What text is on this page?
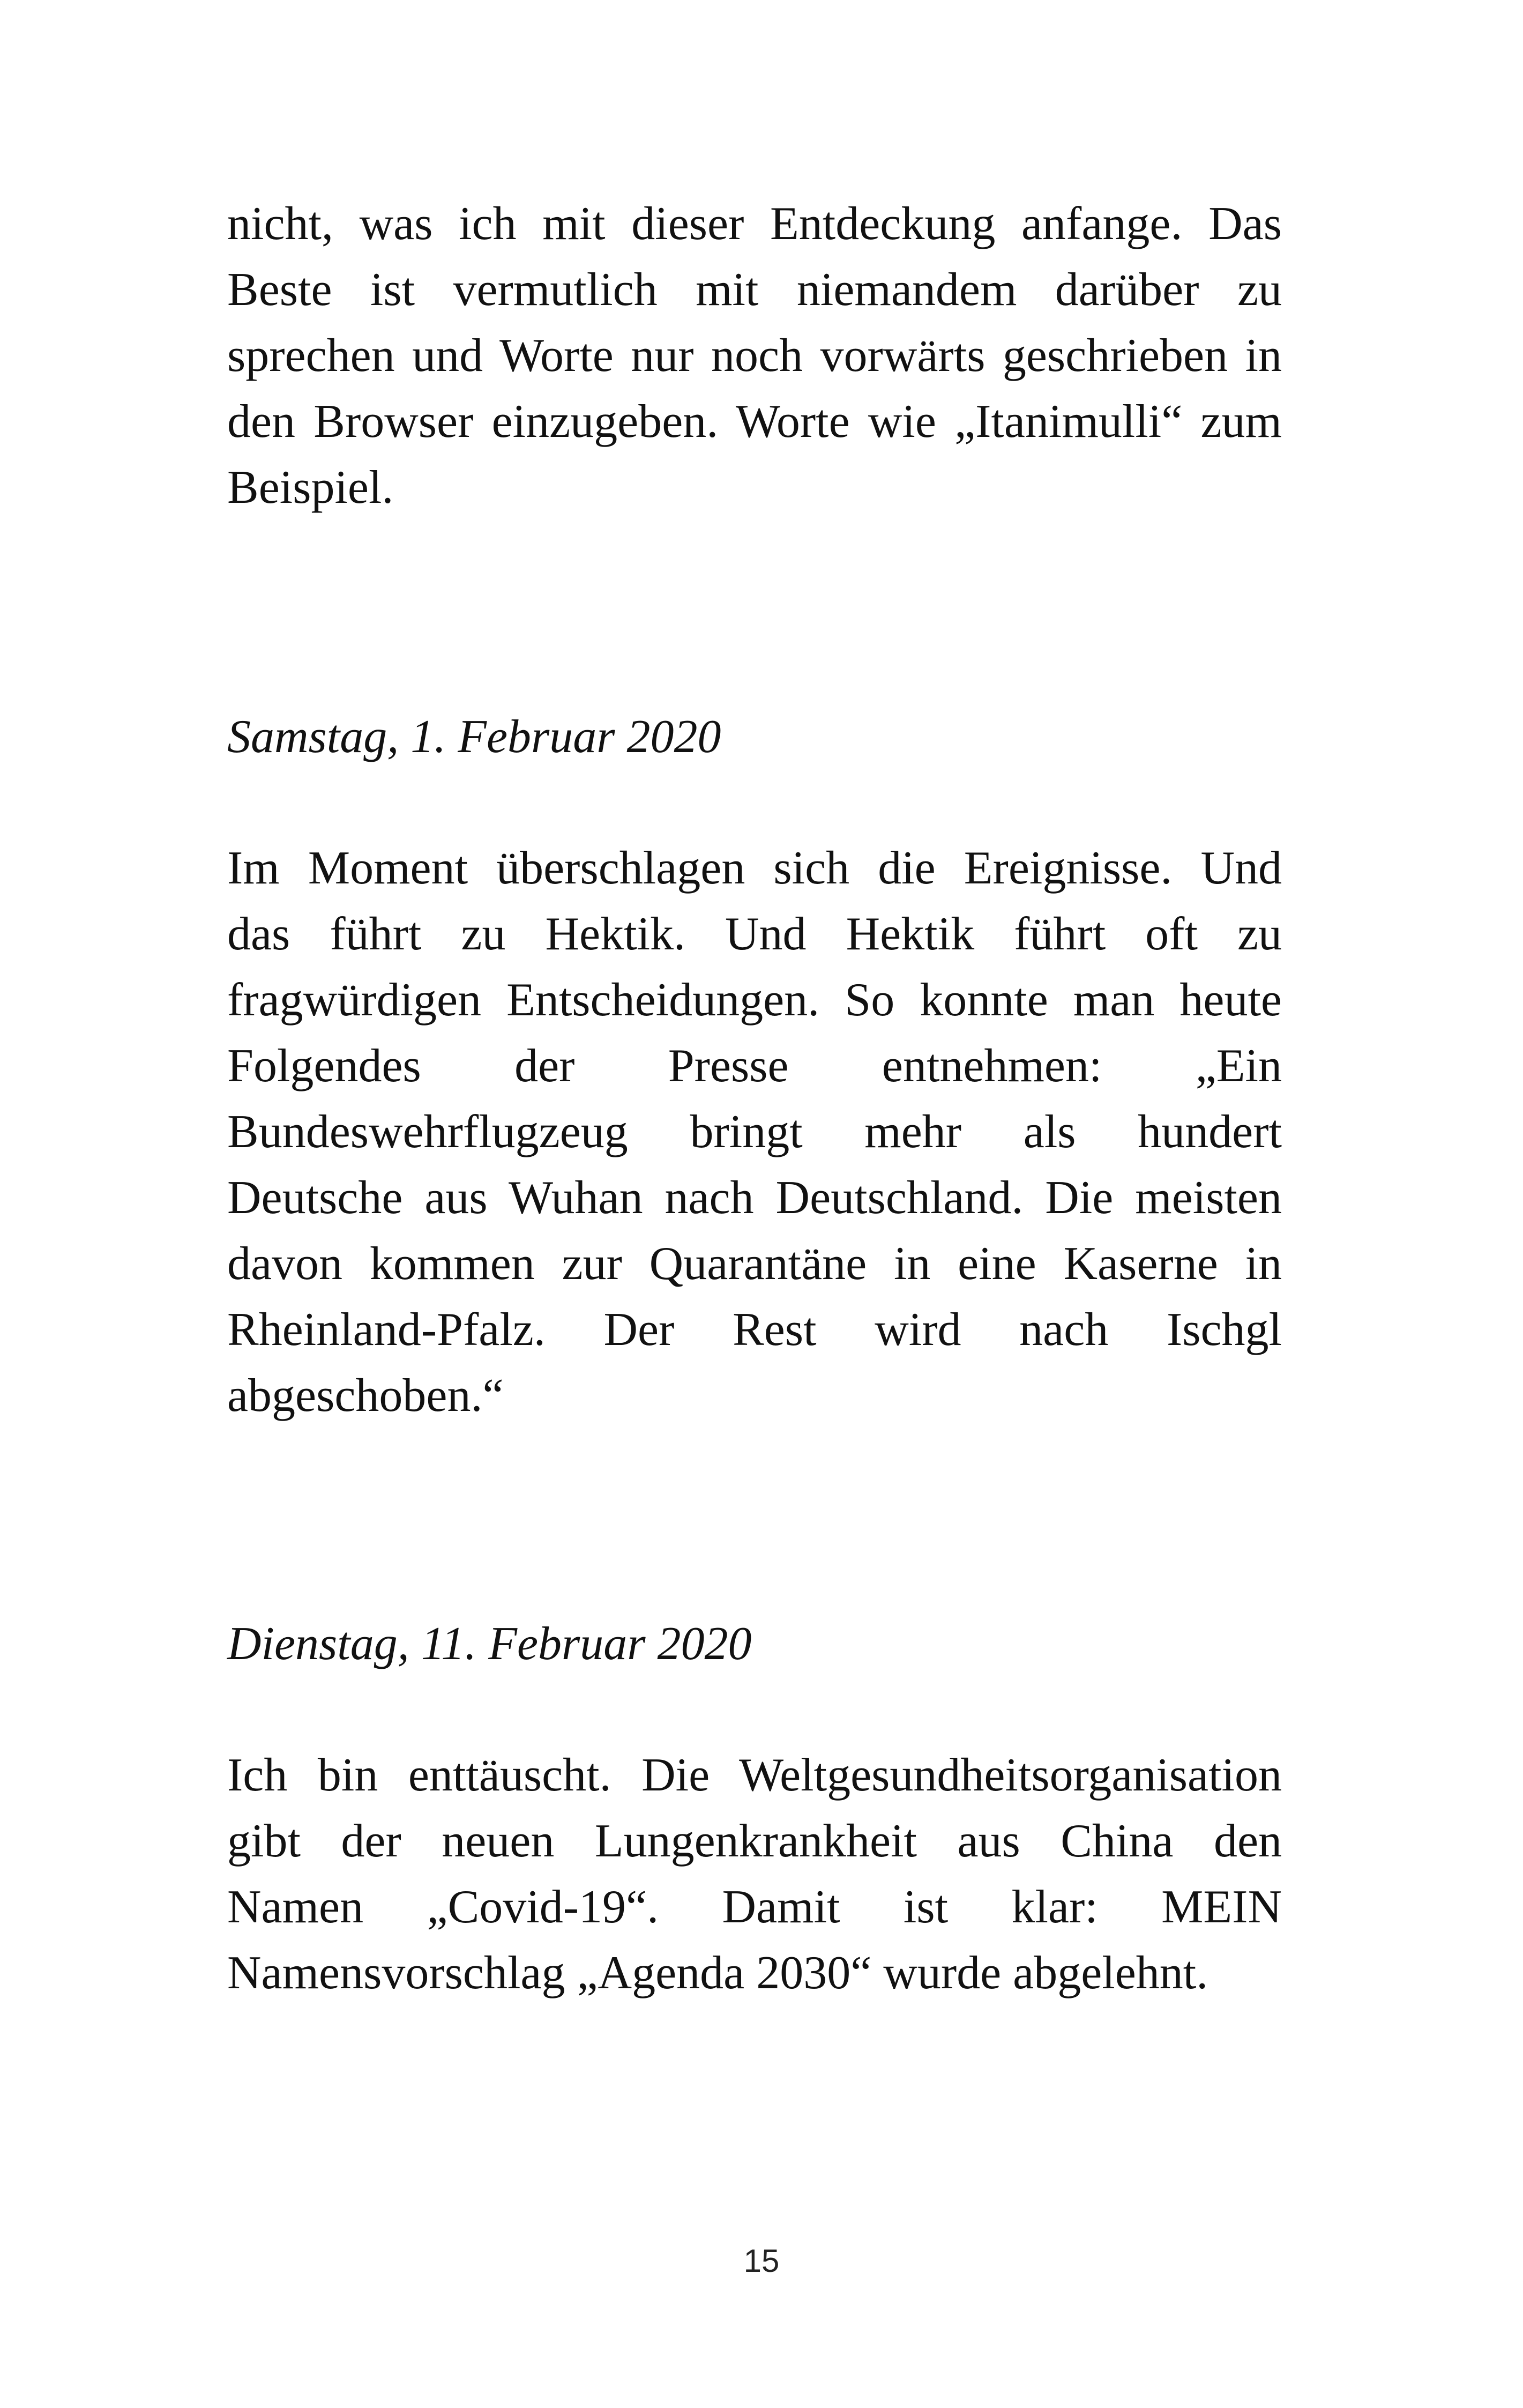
nicht, was ich mit dieser Entdeckung anfange. Das
Beste ist vermutlich mit niemandem darüber zu
sprechen und Worte nur noch vorwärts geschrieben in
den Browser einzugeben. Worte wie „Itanimulli“ zum
Beispiel.

Samstag, 1. Februar 2020

Im Moment überschlagen sich die Ereignisse. Und
das führt zu Hektik. Und Hektik führt oft zu
fragwürdigen Entscheidungen. So konnte man heute
Folgendes der Presse entnehmen: „Ein
Bundeswehrflugzeug bringt mehr als hundert
Deutsche aus Wuhan nach Deutschland. Die meisten
davon kommen zur Quarantäne in eine Kaserne in
Rheinland-Pfalz. Der Rest wird nach Ischgl
abgeschoben.“

Dienstag, 11. Februar 2020

Ich bin enttäuscht. Die Weltgesundheitsorganisation
gibt der neuen Lungenkrankheit aus China den
Namen „Covid-19“. Damit ist klar: MEIN
Namensvorschlag „Agenda 2030“ wurde abgelehnt.

15
